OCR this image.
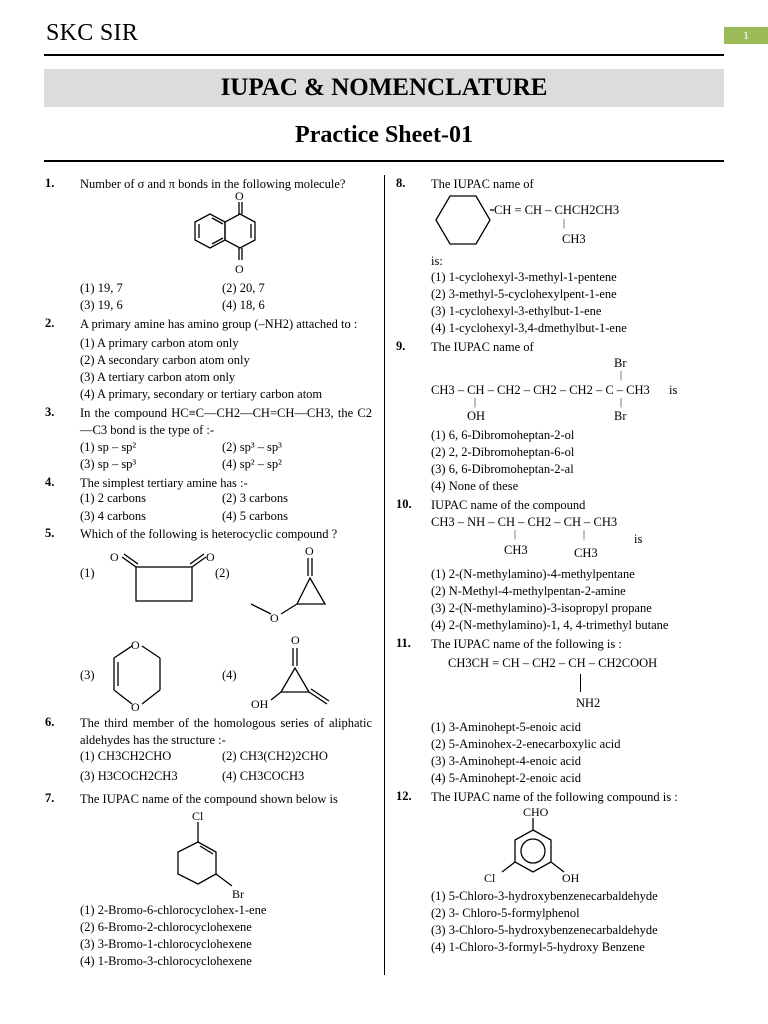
SKC SIR	1
IUPAC & NOMENCLATURE
Practice Sheet-01
1. Number of σ and π bonds in the following molecule?
O
O
(1) 19, 7	(2) 20, 7
(3) 19, 6	(4) 18, 6
2. A primary amine has amino group (–NH2) attached to :
(1) A primary carbon atom only
(2) A secondary carbon atom only
(3) A tertiary carbon atom only
(4) A primary, secondary or tertiary carbon atom
3. In the compound HC≡C—CH2—CH=CH—CH3, the C2—C3 bond is the type of :-
(1) sp – sp²	(2) sp³ – sp³
(3) sp – sp³	(4) sp² – sp²
4. The simplest tertiary amine has :-
(1) 2 carbons	(2) 3 carbons
(3) 4 carbons	(4) 5 carbons
5. Which of the following is heterocyclic compound ?
(1)
O	O
(2)
O
O
(3)
O
O
(4)
O
OH
6. The third member of the homologous series of aliphatic aldehydes has the structure :-
(1) CH3CH2CHO	(2) CH3(CH2)2CHO
(3) H3COCH2CH3	(4) CH3COCH3
7. The IUPAC name of the compound shown below is
Cl
Br
(1) 2-Bromo-6-chlorocyclohex-1-ene
(2) 6-Bromo-2-chlorocyclohexene
(3) 3-Bromo-1-chlorocyclohexene
(4) 1-Bromo-3-chlorocyclohexene
8. The IUPAC name of
CH = CH – CHCH2CH3
|
CH3
is:
(1) 1-cyclohexyl-3-methyl-1-pentene
(2) 3-methyl-5-cyclohexylpent-1-ene
(3) 1-cyclohexyl-3-ethylbut-1-ene
(4) 1-cyclohexyl-3,4-dmethylbut-1-ene
9. The IUPAC name of
Br
|
CH3 – CH – CH2 – CH2 – CH2 – C – CH3 is
|	|
OH	Br
(1) 6, 6-Dibromoheptan-2-ol
(2) 2, 2-Dibromoheptan-6-ol
(3) 6, 6-Dibromoheptan-2-al
(4) None of these
10. IUPAC name of the compound
CH3 – NH – CH – CH2 – CH – CH3
|	|	is
CH3	CH3
(1) 2-(N-methylamino)-4-methylpentane
(2) N-Methyl-4-methylpentan-2-amine
(3) 2-(N-methylamino)-3-isopropyl propane
(4) 2-(N-methylamino)-1, 4, 4-trimethyl butane
11. The IUPAC name of the following is :
CH3CH = CH – CH2 – CH – CH2COOH
NH2
(1) 3-Aminohept-5-enoic acid
(2) 5-Aminohex-2-enecarboxylic acid
(3) 3-Aminohept-4-enoic acid
(4) 5-Aminohept-2-enoic acid
12. The IUPAC name of the following compound is :
CHO
Cl	OH
(1) 5-Chloro-3-hydroxybenzenecarbaldehyde
(2) 3- Chloro-5-formylphenol
(3) 3-Chloro-5-hydroxybenzenecarbaldehyde
(4) 1-Chloro-3-formyl-5-hydroxy Benzene
